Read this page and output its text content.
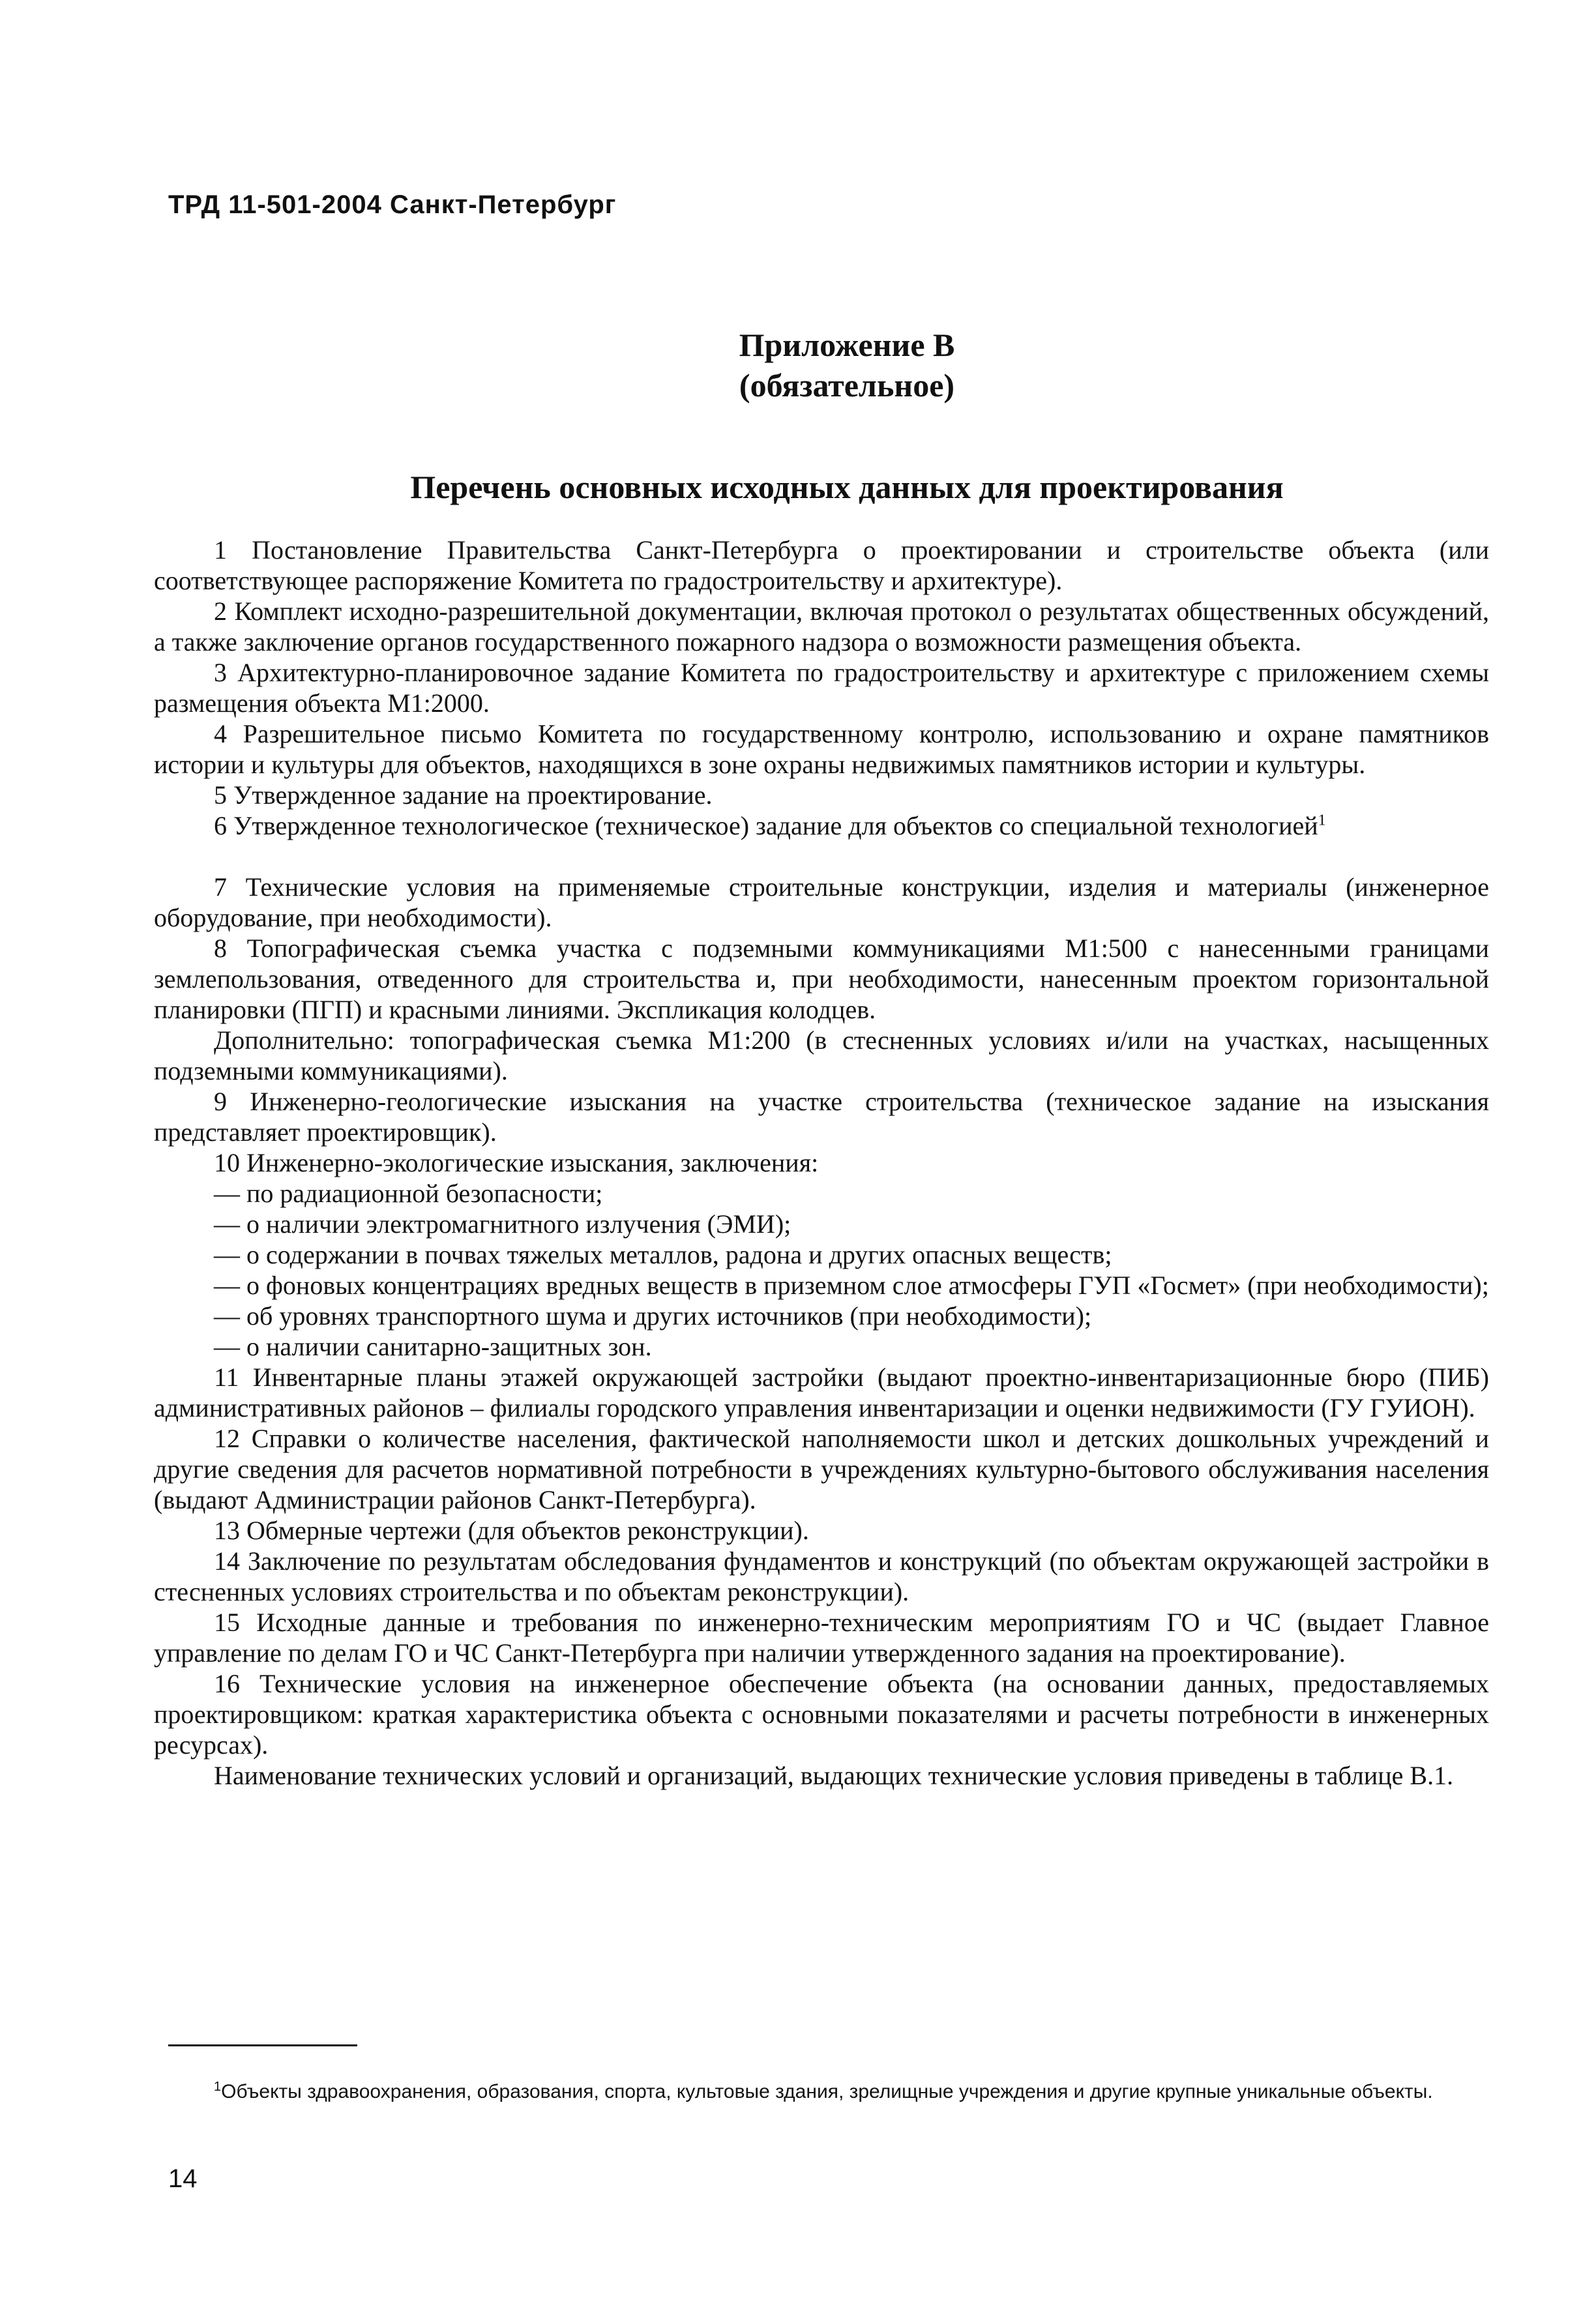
ТРД 11-501-2004 Санкт-Петербург
Приложение В
(обязательное)
Перечень основных исходных данных для проектирования

1 Постановление Правительства Санкт-Петербурга о проектировании и строительстве объекта (или соответствующее распоряжение Комитета по градостроительству и архитектуре).

2 Комплект исходно-разрешительной документации, включая протокол о результатах общественных обсуждений, а также заключение органов государственного пожарного надзора о возможности размещения объекта.

3 Архитектурно-планировочное задание Комитета по градостроительству и архитектуре с приложением схемы размещения объекта М1:2000.

4 Разрешительное письмо Комитета по государственному контролю, использованию и охране памятников истории и культуры для объектов, находящихся в зоне охраны недвижимых памятников истории и культуры.

5 Утвержденное задание на проектирование.

6 Утвержденное технологическое (техническое) задание для объектов со специальной технологией$^1$

7 Технические условия на применяемые строительные конструкции, изделия и материалы (инженерное оборудование, при необходимости).

8 Топографическая съемка участка с подземными коммуникациями М1:500 с нанесенными границами землепользования, отведенного для строительства и, при необходимости, нанесенным проектом горизонтальной планировки (ПГП) и красными линиями. Экспликация колодцев.

Дополнительно: топографическая съемка М1:200 (в стесненных условиях и/или на участках, насыщенных подземными коммуникациями).

9 Инженерно-геологические изыскания на участке строительства (техническое задание на изыскания представляет проектировщик).

10 Инженерно-экологические изыскания, заключения:

— по радиационной безопасности;

— о наличии электромагнитного излучения (ЭМИ);

— о содержании в почвах тяжелых металлов, радона и других опасных веществ;

— о фоновых концентрациях вредных веществ в приземном слое атмосферы ГУП «Госмет» (при необходимости);

— об уровнях транспортного шума и других источников (при необходимости);

— о наличии санитарно-защитных зон.

11 Инвентарные планы этажей окружающей застройки (выдают проектно-инвентаризационные бюро (ПИБ) административных районов – филиалы городского управления инвентаризации и оценки недвижимости (ГУ ГУИОН).

12 Справки о количестве населения, фактической наполняемости школ и детских дошкольных учреждений и другие сведения для расчетов нормативной потребности в учреждениях культурно-бытового обслуживания населения (выдают Администрации районов Санкт-Петербурга).

13 Обмерные чертежи (для объектов реконструкции).

14 Заключение по результатам обследования фундаментов и конструкций (по объектам окружающей застройки в стесненных условиях строительства и по объектам реконструкции).

15 Исходные данные и требования по инженерно-техническим мероприятиям ГО и ЧС (выдает Главное управление по делам ГО и ЧС Санкт-Петербурга при наличии утвержденного задания на проектирование).

16 Технические условия на инженерное обеспечение объекта (на основании данных, предоставляемых проектировщиком: краткая характеристика объекта с основными показателями и расчеты потребности в инженерных ресурсах).

Наименование технических условий и организаций, выдающих технические условия приведены в таблице В.1.

$^1$Объекты здравоохранения, образования, спорта, культовые здания, зрелищные учреждения и другие крупные уникальные объекты.
14
